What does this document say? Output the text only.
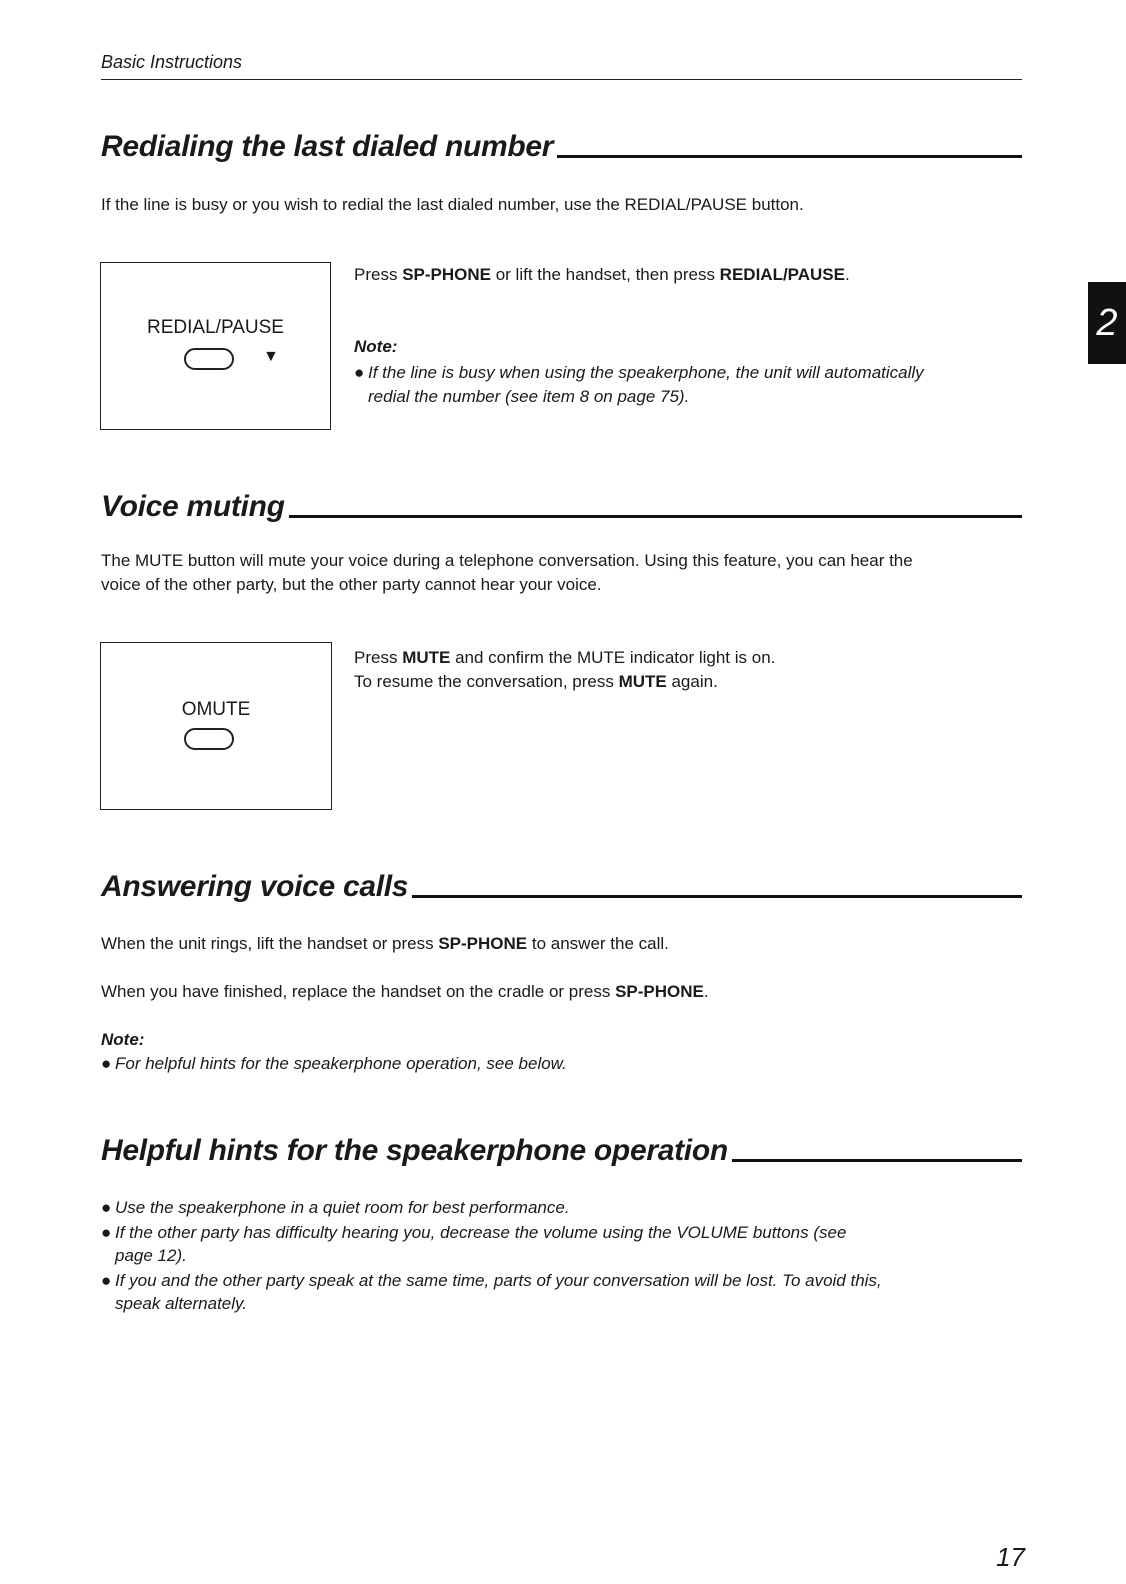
Basic Instructions
2
Redialing the last dialed number
If the line is busy or you wish to redial the last dialed number, use the REDIAL/PAUSE button.
REDIAL/PAUSE
▼
Press SP-PHONE or lift the handset, then press REDIAL/PAUSE.
Note:
● If the line is busy when using the speakerphone, the unit will automatically
redial the number (see item 8 on page 75).
Voice muting
The MUTE button will mute your voice during a telephone conversation. Using this feature, you can hear the
voice of the other party, but the other party cannot hear your voice.
OMUTE
Press MUTE and confirm the MUTE indicator light is on.
To resume the conversation, press MUTE again.
Answering voice calls
When the unit rings, lift the handset or press SP-PHONE to answer the call.
When you have finished, replace the handset on the cradle or press SP-PHONE.
Note:
● For helpful hints for the speakerphone operation, see below.
Helpful hints for the speakerphone operation
● Use the speakerphone in a quiet room for best performance.
● If the other party has difficulty hearing you, decrease the volume using the VOLUME buttons (see
page 12).
● If you and the other party speak at the same time, parts of your conversation will be lost. To avoid this,
speak alternately.
17
